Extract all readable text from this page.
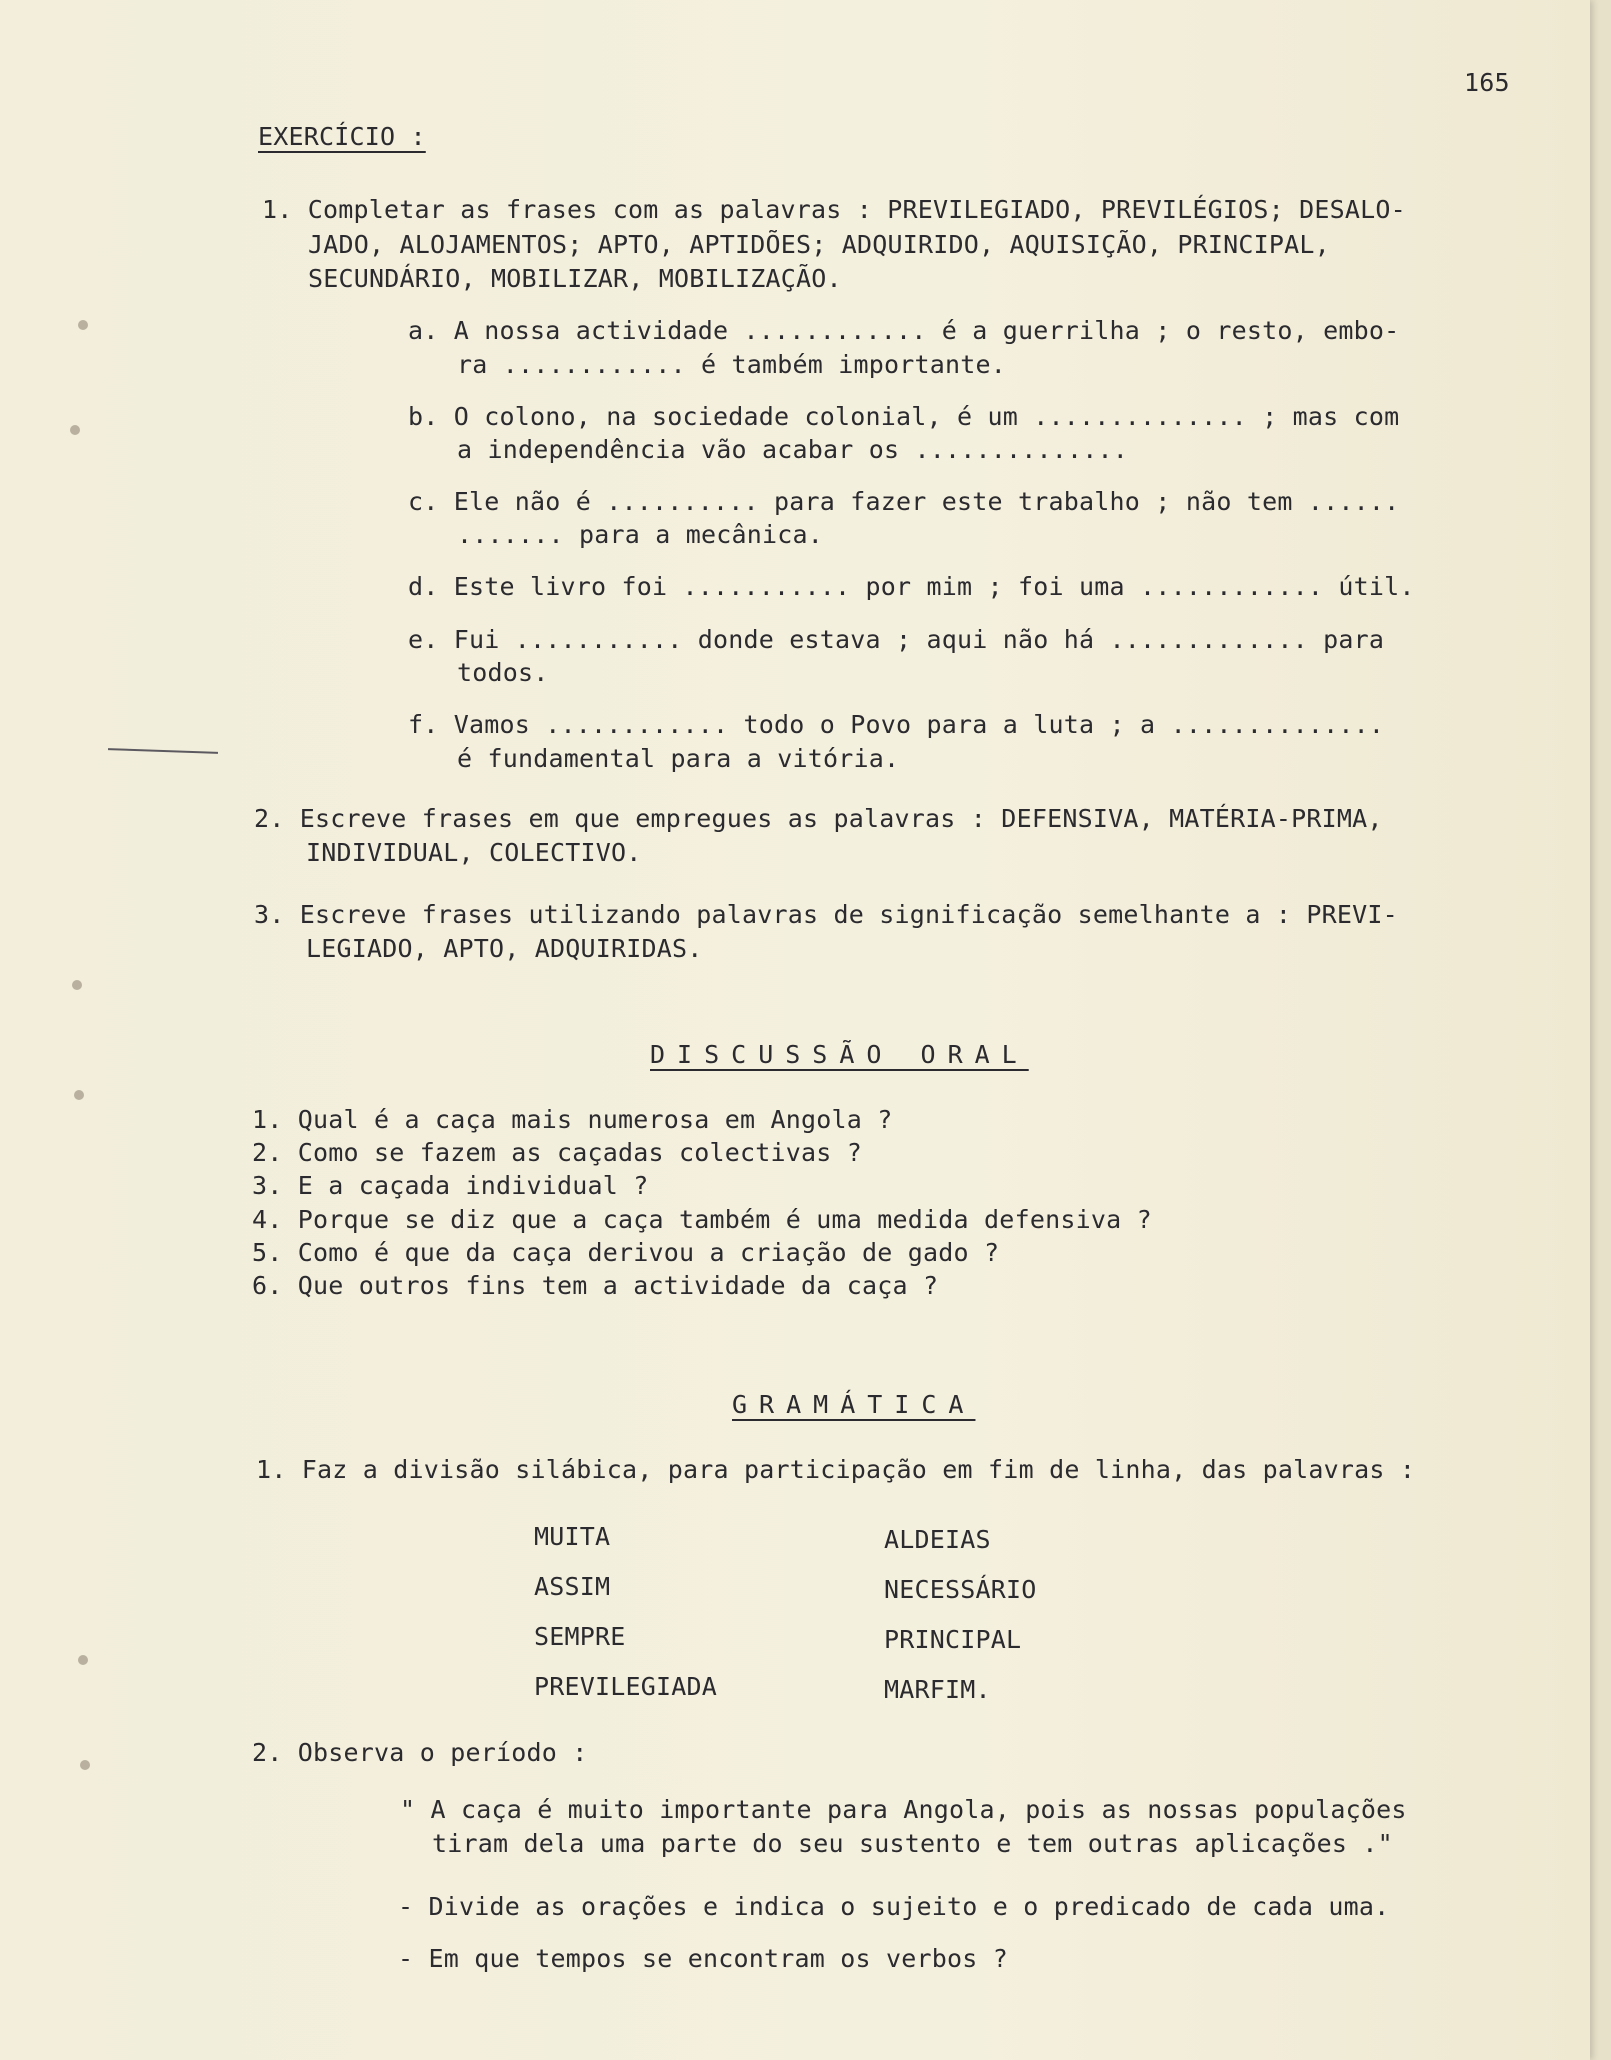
165
EXERCÍCIO :
1. Completar as frases com as palavras : PREVILEGIADO, PREVILÉGIOS; DESALO-
JADO, ALOJAMENTOS; APTO, APTIDÕES; ADQUIRIDO, AQUISIÇÃO, PRINCIPAL,
SECUNDÁRIO, MOBILIZAR, MOBILIZAÇÃO.
a. A nossa actividade ............ é a guerrilha ; o resto, embo-
ra ............ é também importante.
b. O colono, na sociedade colonial, é um .............. ; mas com
a independência vão acabar os ..............
c. Ele não é .......... para fazer este trabalho ; não tem ......
....... para a mecânica.
d. Este livro foi ........... por mim ; foi uma ............ útil.
e. Fui ........... donde estava ; aqui não há ............. para
todos.
f. Vamos ............ todo o Povo para a luta ; a ..............
é fundamental para a vitória.
2. Escreve frases em que empregues as palavras : DEFENSIVA, MATÉRIA-PRIMA,
INDIVIDUAL, COLECTIVO.
3. Escreve frases utilizando palavras de significação semelhante a : PREVI-
LEGIADO, APTO, ADQUIRIDAS.
DISCUSSÃO ORAL
1. Qual é a caça mais numerosa em Angola ?
2. Como se fazem as caçadas colectivas ?
3. E a caçada individual ?
4. Porque se diz que a caça também é uma medida defensiva ?
5. Como é que da caça derivou a criação de gado ?
6. Que outros fins tem a actividade da caça ?
GRAMÁTICA
1. Faz a divisão silábica, para participação em fim de linha, das palavras :
MUITA
ASSIM
SEMPRE
PREVILEGIADA
ALDEIAS
NECESSÁRIO
PRINCIPAL
MARFIM.
2. Observa o período :
" A caça é muito importante para Angola, pois as nossas populações
tiram dela uma parte do seu sustento e tem outras aplicações ."
- Divide as orações e indica o sujeito e o predicado de cada uma.
- Em que tempos se encontram os verbos ?
